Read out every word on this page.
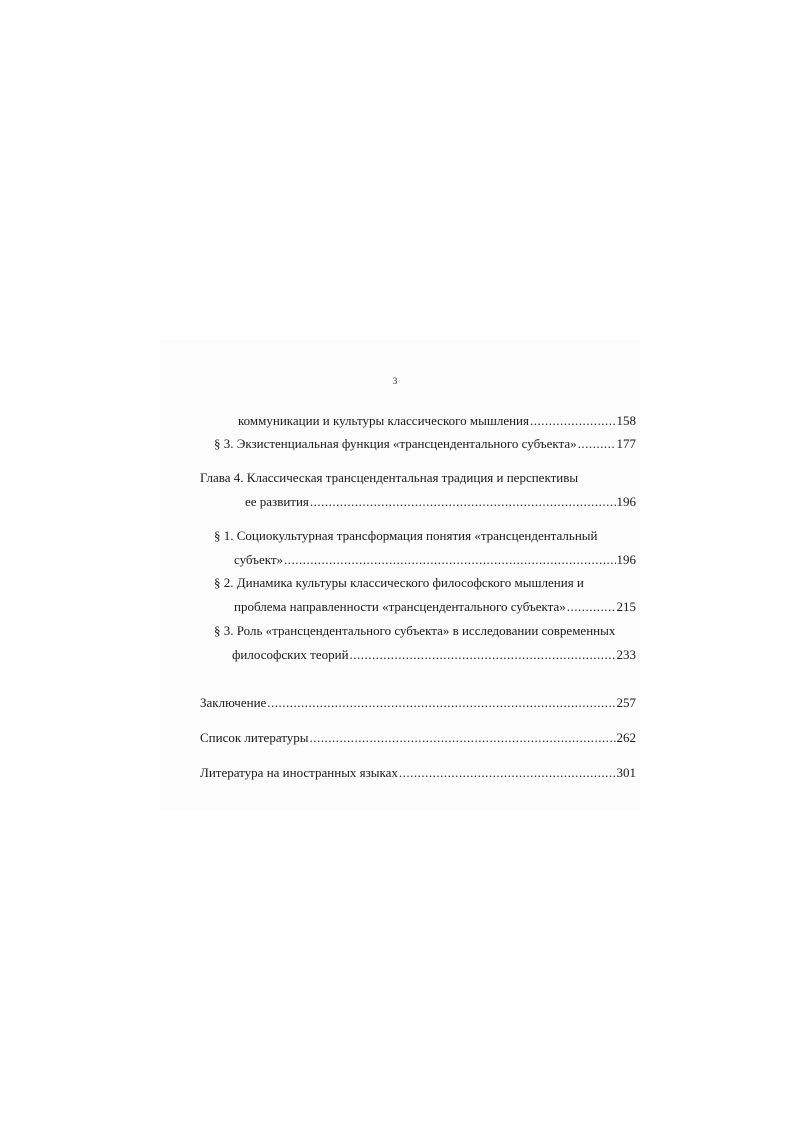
3
коммуникации и культуры классического мышления .....	158
§ 3. Экзистенциальная функция «трансцендентального субъекта» .....	177
Глава 4. Классическая трансцендентальная традиция и перспективы
ее развития .....	196
§ 1. Социокультурная трансформация понятия «трансцендентальный
субъект» .....	196
§ 2. Динамика культуры классического философского мышления и
проблема направленности «трансцендентального субъекта» .....	215
§ 3. Роль «трансцендентального субъекта» в исследовании современных
философских теорий .....	233
Заключение .....	257
Список литературы .....	262
Литература на иностранных языках .....	301
